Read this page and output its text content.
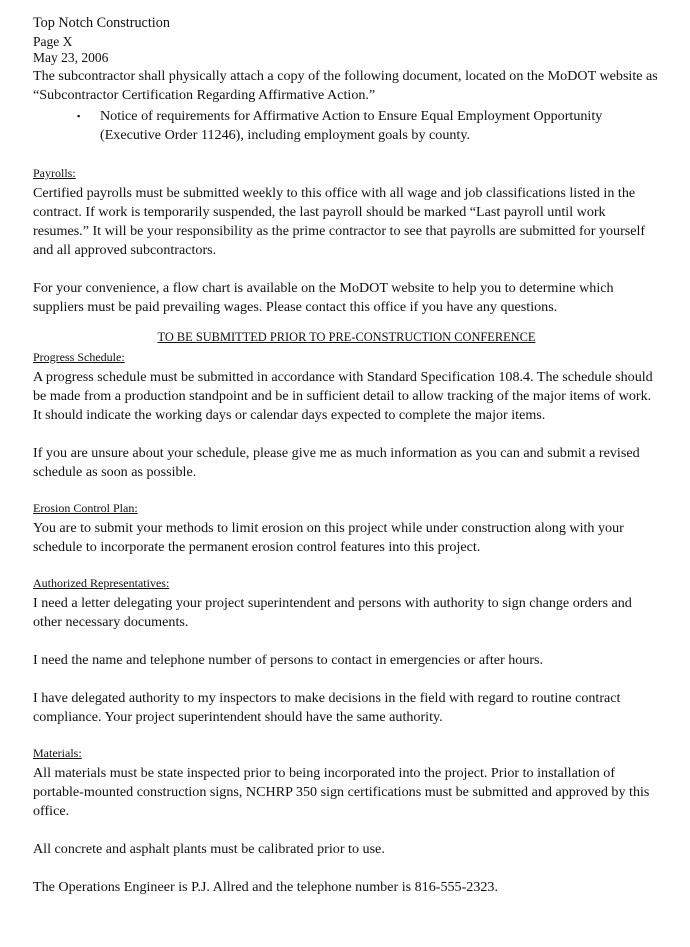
Top Notch Construction
Page X
May 23, 2006

The subcontractor shall physically attach a copy of the following document, located on the MoDOT website as “Subcontractor Certification Regarding Affirmative Action.”

▪ Notice of requirements for Affirmative Action to Ensure Equal Employment Opportunity (Executive Order 11246), including employment goals by county.
Payrolls:

Certified payrolls must be submitted weekly to this office with all wage and job classifications listed in the contract. If work is temporarily suspended, the last payroll should be marked “Last payroll until work resumes.” It will be your responsibility as the prime contractor to see that payrolls are submitted for yourself and all approved subcontractors.

For your convenience, a flow chart is available on the MoDOT website to help you to determine which suppliers must be paid prevailing wages. Please contact this office if you have any questions.

TO BE SUBMITTED PRIOR TO PRE-CONSTRUCTION CONFERENCE
Progress Schedule:

A progress schedule must be submitted in accordance with Standard Specification 108.4. The schedule should be made from a production standpoint and be in sufficient detail to allow tracking of the major items of work. It should indicate the working days or calendar days expected to complete the major items.

If you are unsure about your schedule, please give me as much information as you can and submit a revised schedule as soon as possible.

Erosion Control Plan:

You are to submit your methods to limit erosion on this project while under construction along with your schedule to incorporate the permanent erosion control features into this project.

Authorized Representatives:

I need a letter delegating your project superintendent and persons with authority to sign change orders and other necessary documents.

I need the name and telephone number of persons to contact in emergencies or after hours.

I have delegated authority to my inspectors to make decisions in the field with regard to routine contract compliance. Your project superintendent should have the same authority.

Materials:

All materials must be state inspected prior to being incorporated into the project. Prior to installation of portable-mounted construction signs, NCHRP 350 sign certifications must be submitted and approved by this office.

All concrete and asphalt plants must be calibrated prior to use.

The Operations Engineer is P.J. Allred and the telephone number is 816-555-2323.
